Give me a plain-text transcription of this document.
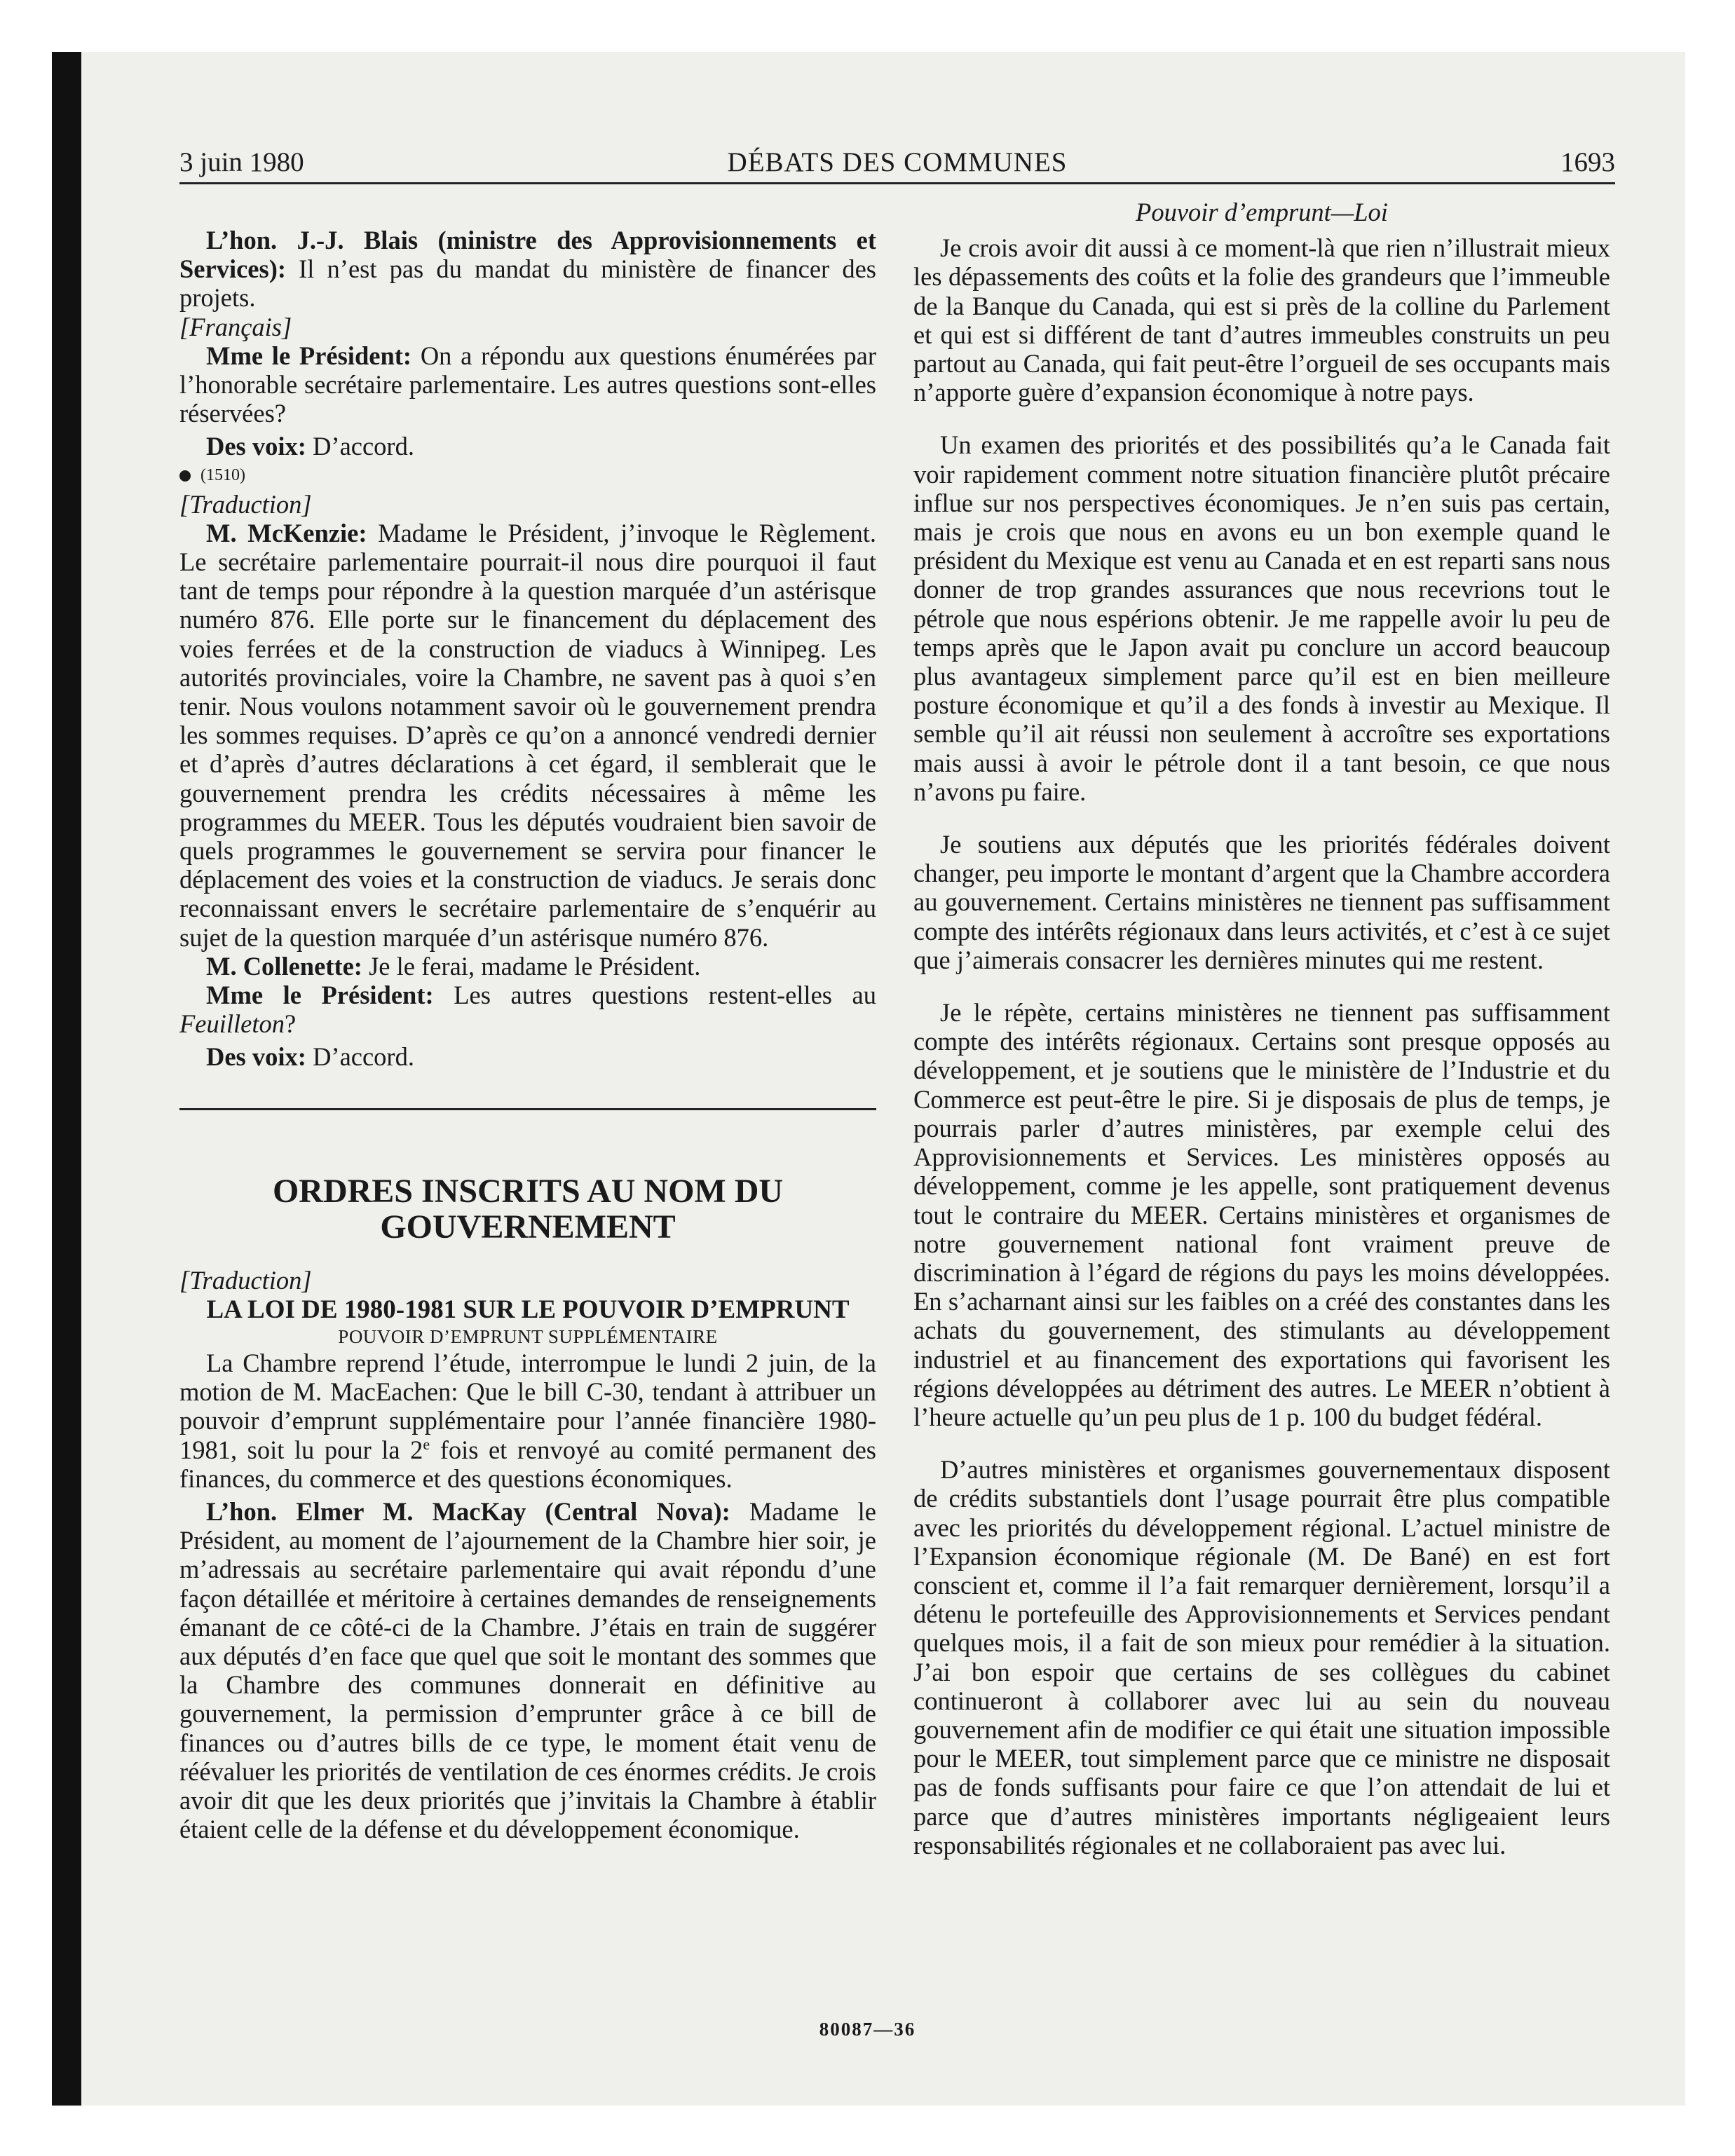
3 juin 1980	DÉBATS DES COMMUNES	1693

L’hon. J.-J. Blais (ministre des Approvisionnements et Services): Il n’est pas du mandat du ministère de financer des projets.

[Français]

Mme le Président: On a répondu aux questions énumérées par l’honorable secrétaire parlementaire. Les autres questions sont-elles réservées?

Des voix: D’accord.

(1510)

[Traduction]

M. McKenzie: Madame le Président, j’invoque le Règlement. Le secrétaire parlementaire pourrait-il nous dire pourquoi il faut tant de temps pour répondre à la question marquée d’un astérisque numéro 876. Elle porte sur le financement du déplacement des voies ferrées et de la construction de viaducs à Winnipeg. Les autorités provinciales, voire la Chambre, ne savent pas à quoi s’en tenir. Nous voulons notamment savoir où le gouvernement prendra les sommes requises. D’après ce qu’on a annoncé vendredi dernier et d’après d’autres déclarations à cet égard, il semblerait que le gouvernement prendra les crédits nécessaires à même les programmes du MEER. Tous les députés voudraient bien savoir de quels programmes le gouvernement se servira pour financer le déplacement des voies et la construction de viaducs. Je serais donc reconnaissant envers le secrétaire parlementaire de s’enquérir au sujet de la question marquée d’un astérisque numéro 876.

M. Collenette: Je le ferai, madame le Président.

Mme le Président: Les autres questions restent-elles au Feuilleton?

Des voix: D’accord.

ORDRES INSCRITS AU NOM DU
GOUVERNEMENT

[Traduction]

LA LOI DE 1980-1981 SUR LE POUVOIR D’EMPRUNT

POUVOIR D’EMPRUNT SUPPLÉMENTAIRE

La Chambre reprend l’étude, interrompue le lundi 2 juin, de la motion de M. MacEachen: Que le bill C-30, tendant à attribuer un pouvoir d’emprunt supplémentaire pour l’année financière 1980-1981, soit lu pour la 2e fois et renvoyé au comité permanent des finances, du commerce et des questions économiques.

L’hon. Elmer M. MacKay (Central Nova): Madame le Président, au moment de l’ajournement de la Chambre hier soir, je m’adressais au secrétaire parlementaire qui avait répondu d’une façon détaillée et méritoire à certaines demandes de renseignements émanant de ce côté-ci de la Chambre. J’étais en train de suggérer aux députés d’en face que quel que soit le montant des sommes que la Chambre des communes donnerait en définitive au gouvernement, la permission d’emprunter grâce à ce bill de finances ou d’autres bills de ce type, le moment était venu de réévaluer les priorités de ventilation de ces énormes crédits. Je crois avoir dit que les deux priorités que j’invitais la Chambre à établir étaient celle de la défense et du développement économique.

Pouvoir d’emprunt—Loi

Je crois avoir dit aussi à ce moment-là que rien n’illustrait mieux les dépassements des coûts et la folie des grandeurs que l’immeuble de la Banque du Canada, qui est si près de la colline du Parlement et qui est si différent de tant d’autres immeubles construits un peu partout au Canada, qui fait peut-être l’orgueil de ses occupants mais n’apporte guère d’expansion économique à notre pays.

Un examen des priorités et des possibilités qu’a le Canada fait voir rapidement comment notre situation financière plutôt précaire influe sur nos perspectives économiques. Je n’en suis pas certain, mais je crois que nous en avons eu un bon exemple quand le président du Mexique est venu au Canada et en est reparti sans nous donner de trop grandes assurances que nous recevrions tout le pétrole que nous espérions obtenir. Je me rappelle avoir lu peu de temps après que le Japon avait pu conclure un accord beaucoup plus avantageux simplement parce qu’il est en bien meilleure posture économique et qu’il a des fonds à investir au Mexique. Il semble qu’il ait réussi non seulement à accroître ses exportations mais aussi à avoir le pétrole dont il a tant besoin, ce que nous n’avons pu faire.

Je soutiens aux députés que les priorités fédérales doivent changer, peu importe le montant d’argent que la Chambre accordera au gouvernement. Certains ministères ne tiennent pas suffisamment compte des intérêts régionaux dans leurs activités, et c’est à ce sujet que j’aimerais consacrer les dernières minutes qui me restent.

Je le répète, certains ministères ne tiennent pas suffisamment compte des intérêts régionaux. Certains sont presque opposés au développement, et je soutiens que le ministère de l’Industrie et du Commerce est peut-être le pire. Si je disposais de plus de temps, je pourrais parler d’autres ministères, par exemple celui des Approvisionnements et Services. Les ministères opposés au développement, comme je les appelle, sont pratiquement devenus tout le contraire du MEER. Certains ministères et organismes de notre gouvernement national font vraiment preuve de discrimination à l’égard de régions du pays les moins développées. En s’acharnant ainsi sur les faibles on a créé des constantes dans les achats du gouvernement, des stimulants au développement industriel et au financement des exportations qui favorisent les régions développées au détriment des autres. Le MEER n’obtient à l’heure actuelle qu’un peu plus de 1 p. 100 du budget fédéral.

D’autres ministères et organismes gouvernementaux disposent de crédits substantiels dont l’usage pourrait être plus compatible avec les priorités du développement régional. L’actuel ministre de l’Expansion économique régionale (M. De Bané) en est fort conscient et, comme il l’a fait remarquer dernièrement, lorsqu’il a détenu le portefeuille des Approvisionnements et Services pendant quelques mois, il a fait de son mieux pour remédier à la situation. J’ai bon espoir que certains de ses collègues du cabinet continueront à collaborer avec lui au sein du nouveau gouvernement afin de modifier ce qui était une situation impossible pour le MEER, tout simplement parce que ce ministre ne disposait pas de fonds suffisants pour faire ce que l’on attendait de lui et parce que d’autres ministères importants négligeaient leurs responsabilités régionales et ne collaboraient pas avec lui.

80087—36
